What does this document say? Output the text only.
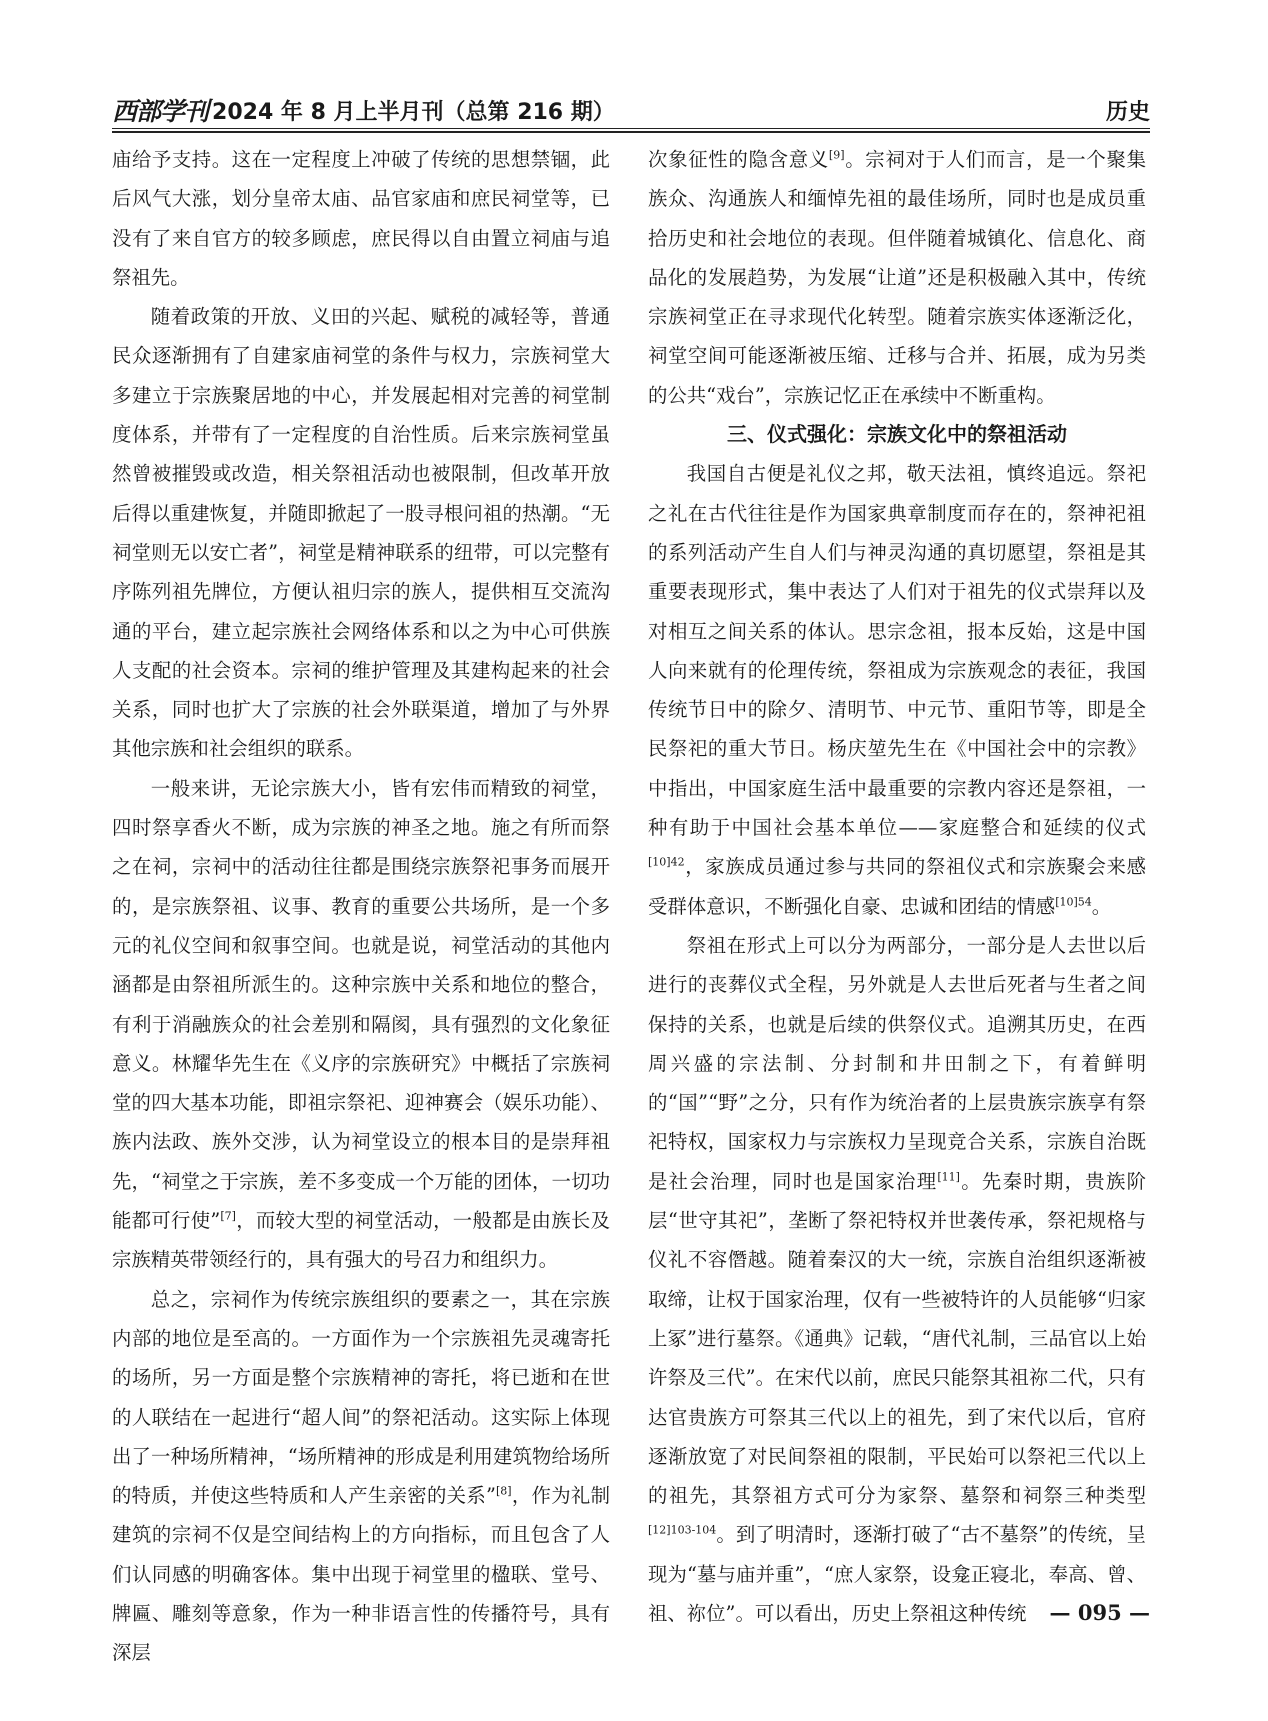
西部学刊 2024 年 8 月上半月刊（总第 216 期）	历史

庙给予支持。这在一定程度上冲破了传统的思想禁锢，此后风气大涨，划分皇帝太庙、品官家庙和庶民祠堂等，已没有了来自官方的较多顾虑，庶民得以自由置立祠庙与追祭祖先。

随着政策的开放、义田的兴起、赋税的减轻等，普通民众逐渐拥有了自建家庙祠堂的条件与权力，宗族祠堂大多建立于宗族聚居地的中心，并发展起相对完善的祠堂制度体系，并带有了一定程度的自治性质。后来宗族祠堂虽然曾被摧毁或改造，相关祭祖活动也被限制，但改革开放后得以重建恢复，并随即掀起了一股寻根问祖的热潮。“无祠堂则无以安亡者”，祠堂是精神联系的纽带，可以完整有序陈列祖先牌位，方便认祖归宗的族人，提供相互交流沟通的平台，建立起宗族社会网络体系和以之为中心可供族人支配的社会资本。宗祠的维护管理及其建构起来的社会关系，同时也扩大了宗族的社会外联渠道，增加了与外界其他宗族和社会组织的联系。

一般来讲，无论宗族大小，皆有宏伟而精致的祠堂，四时祭享香火不断，成为宗族的神圣之地。施之有所而祭之在祠，宗祠中的活动往往都是围绕宗族祭祀事务而展开的，是宗族祭祖、议事、教育的重要公共场所，是一个多元的礼仪空间和叙事空间。也就是说，祠堂活动的其他内涵都是由祭祖所派生的。这种宗族中关系和地位的整合，有利于消融族众的社会差别和隔阂，具有强烈的文化象征意义。林耀华先生在《义序的宗族研究》中概括了宗族祠堂的四大基本功能，即祖宗祭祀、迎神赛会（娱乐功能）、族内法政、族外交涉，认为祠堂设立的根本目的是崇拜祖先，“祠堂之于宗族，差不多变成一个万能的团体，一切功能都可行使”[7]，而较大型的祠堂活动，一般都是由族长及宗族精英带领经行的，具有强大的号召力和组织力。

总之，宗祠作为传统宗族组织的要素之一，其在宗族内部的地位是至高的。一方面作为一个宗族祖先灵魂寄托的场所，另一方面是整个宗族精神的寄托，将已逝和在世的人联结在一起进行“超人间”的祭祀活动。这实际上体现出了一种场所精神，“场所精神的形成是利用建筑物给场所的特质，并使这些特质和人产生亲密的关系”[8]，作为礼制建筑的宗祠不仅是空间结构上的方向指标，而且包含了人们认同感的明确客体。集中出现于祠堂里的楹联、堂号、牌匾、雕刻等意象，作为一种非语言性的传播符号，具有深层

次象征性的隐含意义[9]。宗祠对于人们而言，是一个聚集族众、沟通族人和缅悼先祖的最佳场所，同时也是成员重拾历史和社会地位的表现。但伴随着城镇化、信息化、商品化的发展趋势，为发展“让道”还是积极融入其中，传统宗族祠堂正在寻求现代化转型。随着宗族实体逐渐泛化，祠堂空间可能逐渐被压缩、迁移与合并、拓展，成为另类的公共“戏台”，宗族记忆正在承续中不断重构。

三、仪式强化：宗族文化中的祭祖活动

我国自古便是礼仪之邦，敬天法祖，慎终追远。祭祀之礼在古代往往是作为国家典章制度而存在的，祭神祀祖的系列活动产生自人们与神灵沟通的真切愿望，祭祖是其重要表现形式，集中表达了人们对于祖先的仪式崇拜以及对相互之间关系的体认。思宗念祖，报本反始，这是中国人向来就有的伦理传统，祭祖成为宗族观念的表征，我国传统节日中的除夕、清明节、中元节、重阳节等，即是全民祭祀的重大节日。杨庆堃先生在《中国社会中的宗教》中指出，中国家庭生活中最重要的宗教内容还是祭祖，一种有助于中国社会基本单位——家庭整合和延续的仪式$^{[10]42}$，家族成员通过参与共同的祭祖仪式和宗族聚会来感受群体意识，不断强化自豪、忠诚和团结的情感$^{[10]54}$。

祭祖在形式上可以分为两部分，一部分是人去世以后进行的丧葬仪式全程，另外就是人去世后死者与生者之间保持的关系，也就是后续的供祭仪式。追溯其历史，在西周兴盛的宗法制、分封制和井田制之下，有着鲜明的“国”“野”之分，只有作为统治者的上层贵族宗族享有祭祀特权，国家权力与宗族权力呈现竞合关系，宗族自治既是社会治理，同时也是国家治理[11]。先秦时期，贵族阶层“世守其祀”，垄断了祭祀特权并世袭传承，祭祀规格与仪礼不容僭越。随着秦汉的大一统，宗族自治组织逐渐被取缔，让权于国家治理，仅有一些被特许的人员能够“归家上冢”进行墓祭。《通典》记载，“唐代礼制，三品官以上始许祭及三代”。在宋代以前，庶民只能祭其祖祢二代，只有达官贵族方可祭其三代以上的祖先，到了宋代以后，官府逐渐放宽了对民间祭祖的限制，平民始可以祭祀三代以上的祖先，其祭祖方式可分为家祭、墓祭和祠祭三种类型$^{[12]103-104}$。到了明清时，逐渐打破了“古不墓祭”的传统，呈现为“墓与庙并重”，“庶人家祭，设龛正寝北，奉高、曾、祖、祢位”。可以看出，历史上祭祖这种传统	— 095 —
